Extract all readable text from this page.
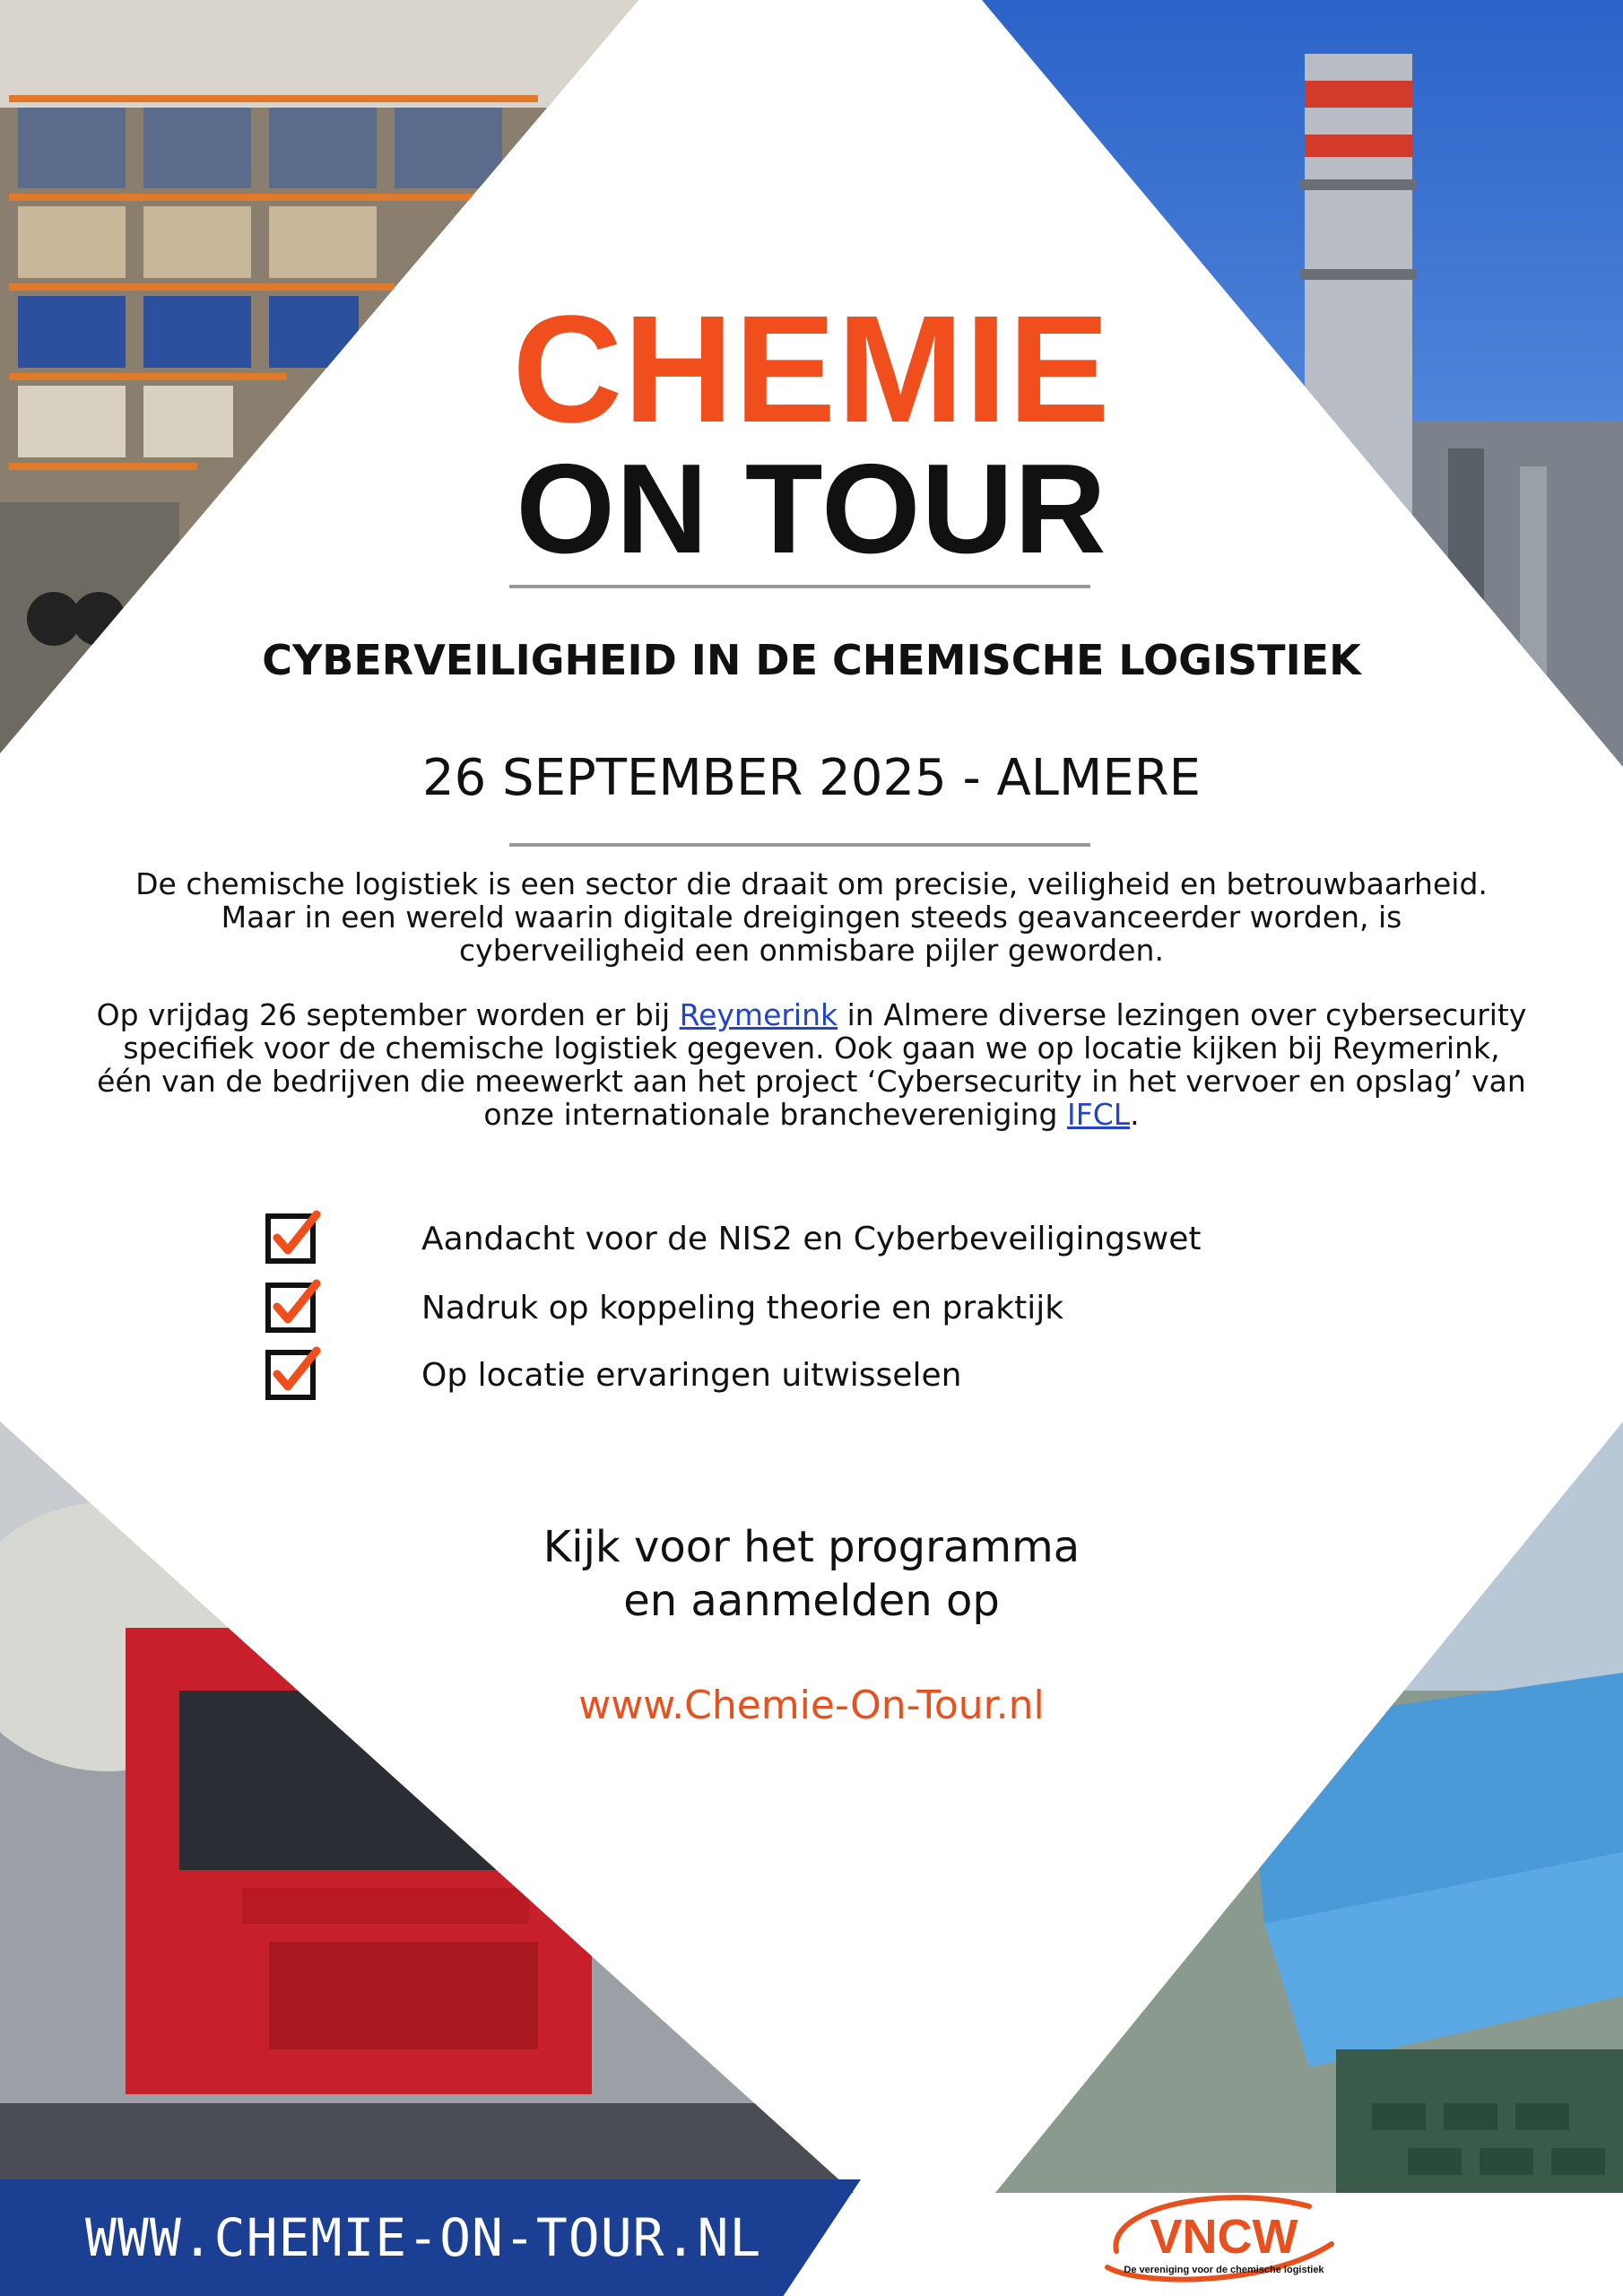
CHEMIE
ON TOUR
CYBERVEILIGHEID IN DE CHEMISCHE LOGISTIEK
26 SEPTEMBER 2025 - ALMERE
De chemische logistiek is een sector die draait om precisie, veiligheid en betrouwbaarheid.
Maar in een wereld waarin digitale dreigingen steeds geavanceerder worden, is
cyberveiligheid een onmisbare pijler geworden.
Op vrijdag 26 september worden er bij Reymerink in Almere diverse lezingen over cybersecurity
specifiek voor de chemische logistiek gegeven. Ook gaan we op locatie kijken bij Reymerink,
één van de bedrijven die meewerkt aan het project ‘Cybersecurity in het vervoer en opslag’ van
onze internationale branchevereniging IFCL.
Aandacht voor de NIS2 en Cyberbeveiligingswet
Nadruk op koppeling theorie en praktijk
Op locatie ervaringen uitwisselen
Kijk voor het programma
en aanmelden op
www.Chemie-On-Tour.nl
WWW.CHEMIE-ON-TOUR.NL	VNCW
De vereniging voor de chemische logistiek
